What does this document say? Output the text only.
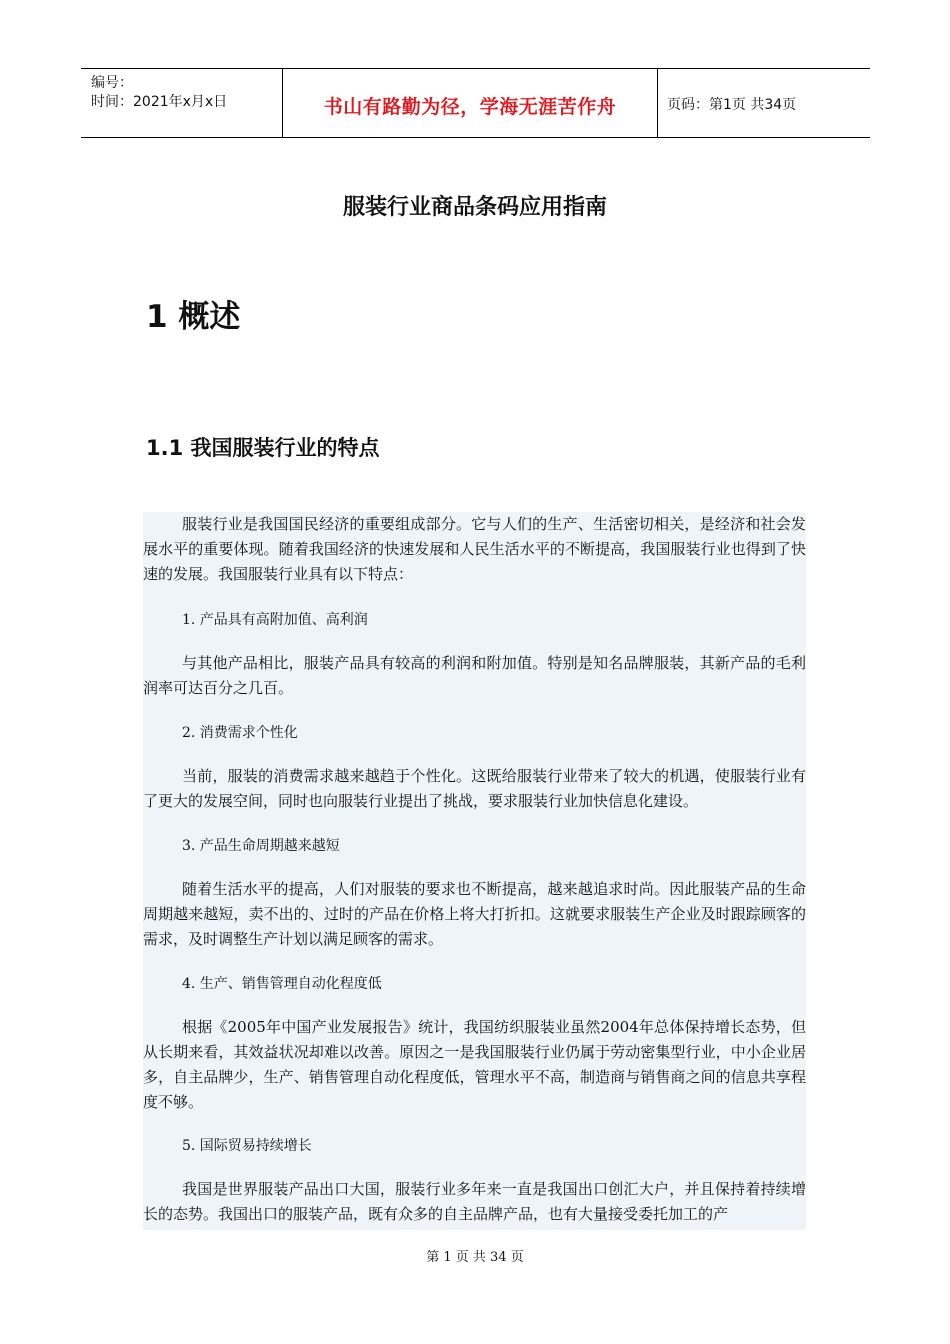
编号：
时间：2021年x月x日	书山有路勤为径，学海无涯苦作舟	页码：第1页 共34页
服装行业商品条码应用指南
1 概述
1.1 我国服装行业的特点

服装行业是我国国民经济的重要组成部分。它与人们的生产、生活密切相关，是经济和社会发展水平的重要体现。随着我国经济的快速发展和人民生活水平的不断提高，我国服装行业也得到了快速的发展。我国服装行业具有以下特点：

1. 产品具有高附加值、高利润

与其他产品相比，服装产品具有较高的利润和附加值。特别是知名品牌服装，其新产品的毛利润率可达百分之几百。

2. 消费需求个性化

当前，服装的消费需求越来越趋于个性化。这既给服装行业带来了较大的机遇，使服装行业有了更大的发展空间，同时也向服装行业提出了挑战，要求服装行业加快信息化建设。

3. 产品生命周期越来越短

随着生活水平的提高，人们对服装的要求也不断提高，越来越追求时尚。因此服装产品的生命周期越来越短，卖不出的、过时的产品在价格上将大打折扣。这就要求服装生产企业及时跟踪顾客的需求，及时调整生产计划以满足顾客的需求。

4. 生产、销售管理自动化程度低

根据《2005年中国产业发展报告》统计，我国纺织服装业虽然2004年总体保持增长态势，但从长期来看，其效益状况却难以改善。原因之一是我国服装行业仍属于劳动密集型行业，中小企业居多，自主品牌少，生产、销售管理自动化程度低，管理水平不高，制造商与销售商之间的信息共享程度不够。

5. 国际贸易持续增长

我国是世界服装产品出口大国，服装行业多年来一直是我国出口创汇大户，并且保持着持续增长的态势。我国出口的服装产品，既有众多的自主品牌产品，也有大量接受委托加工的产

第 1 页 共 34 页
